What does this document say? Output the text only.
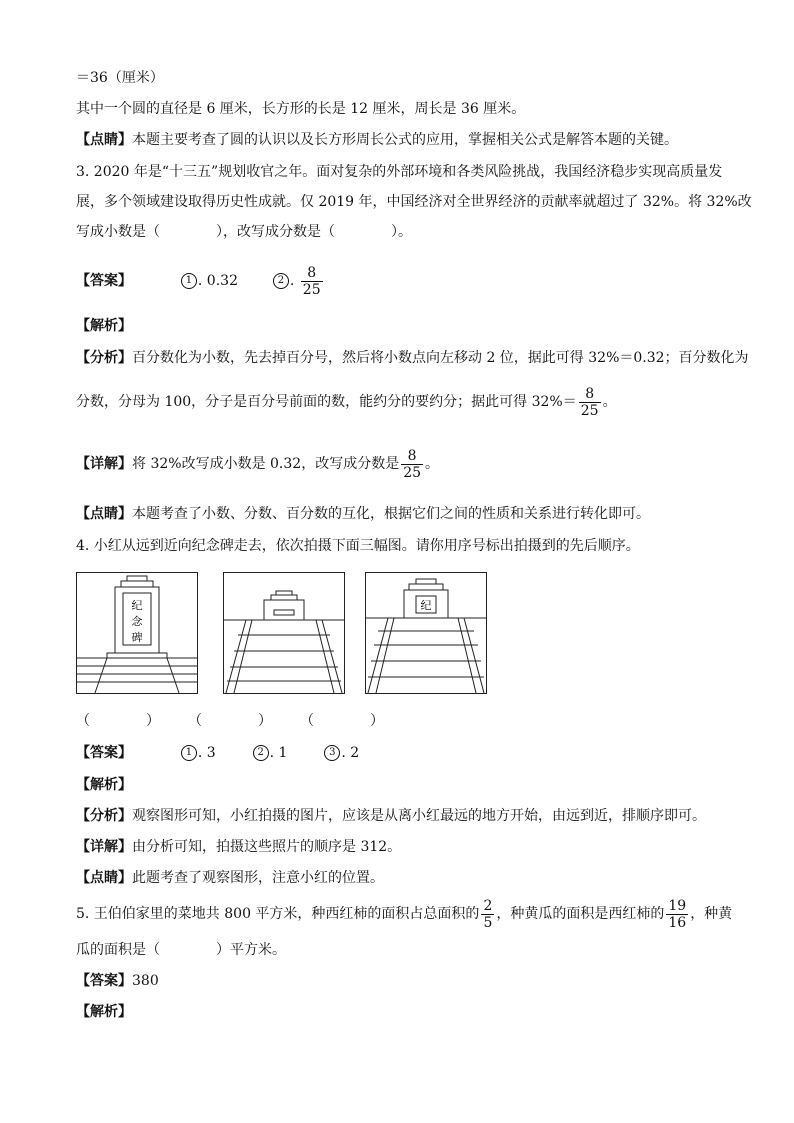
＝36（厘米）
其中一个圆的直径是 6 厘米，长方形的长是 12 厘米，周长是 36 厘米。
【点睛】本题主要考查了圆的认识以及长方形周长公式的应用，掌握相关公式是解答本题的关键。
3. 2020 年是“十三五”规划收官之年。面对复杂的外部环境和各类风险挑战，我国经济稳步实现高质量发
展，多个领域建设取得历史性成就。仅 2019 年，中国经济对全世界经济的贡献率就超过了 32%。将 32%改
写成小数是（　　　　），改写成分数是（　　　　）。
【答案】	1 . 0.32	2 . $\frac{8}{25}$
【解析】
【分析】百分数化为小数，先去掉百分号，然后将小数点向左移动 2 位，据此可得 32%＝0.32；百分数化为
分数，分母为 100，分子是百分号前面的数，能约分的要约分；据此可得 $32\%= \frac{8}{25}$ 。
【详解】将 32%改写成小数是 0.32，改写成分数是 $\frac{8}{25}$ 。
【点睛】本题考查了小数、分数、百分数的互化，根据它们之间的性质和关系进行转化即可。
4. 小红从远到近向纪念碑走去，依次拍摄下面三幅图。请你用序号标出拍摄到的先后顺序。
纪
念
碑
纪
（　　　　） （　　　　） （　　　　）
【答案】	1 . 3	2 . 1	3 . 2
【解析】
【分析】观察图形可知，小红拍摄的图片，应该是从离小红最远的地方开始，由远到近，排顺序即可。
【详解】由分析可知，拍摄这些照片的顺序是 312。
【点睛】此题考查了观察图形，注意小红的位置。
5. 王伯伯家里的菜地共 800 平方米，种西红柿的面积占总面积的 $\frac{2}{5}$ ，种黄瓜的面积是西红柿的 $\frac{19}{16}$ ，种黄
瓜的面积是（　　　　）平方米。
【答案】380
【解析】
